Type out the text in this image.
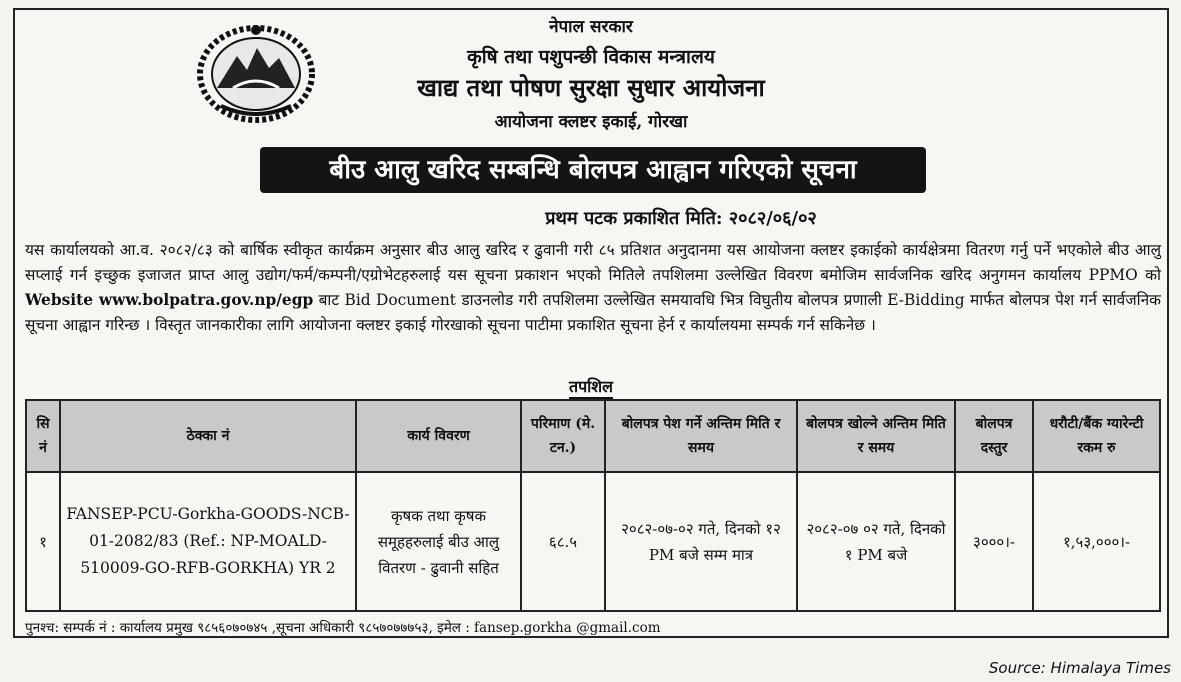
नेपाल सरकार
कृषि तथा पशुपन्छी विकास मन्त्रालय
खाद्य तथा पोषण सुरक्षा सुधार आयोजना
आयोजना क्लष्टर इकाई, गोरखा
बीउ आलु खरिद सम्बन्धि बोलपत्र आह्वान गरिएको सूचना
प्रथम पटक प्रकाशित मिति: २०८२/०६/०२

यस कार्यालयको आ.व. २०८२/८३ को बार्षिक स्वीकृत कार्यक्रम अनुसार बीउ आलु खरिद र ढुवानी गरी ८५ प्रतिशत अनुदानमा यस आयोजना क्लष्टर इकाईको कार्यक्षेत्रमा वितरण गर्नु पर्ने भएकोले बीउ आलु सप्लाई गर्न इच्छुक इजाजत प्राप्त आलु उद्योग/फर्म/कम्पनी/एग्रोभेटहरुलाई यस सूचना प्रकाशन भएको मितिले तपशिलमा उल्लेखित विवरण बमोजिम सार्वजनिक खरिद अनुगमन कार्यालय PPMO को Website www.bolpatra.gov.np/egp बाट Bid Document डाउनलोड गरी तपशिलमा उल्लेखित समयावधि भित्र विघुतीय बोलपत्र प्रणाली E-Bidding मार्फत बोलपत्र पेश गर्न सार्वजनिक सूचना आह्वान गरिन्छ । विस्तृत जानकारीका लागि आयोजना क्लष्टर इकाई गोरखाको सूचना पाटीमा प्रकाशित सूचना हेर्न र कार्यालयमा सम्पर्क गर्न सकिनेछ ।

तपशिल
सि नं	ठेक्का नं	कार्य विवरण	परिमाण (मे. टन.)	बोलपत्र पेश गर्ने अन्तिम मिति र समय	बोलपत्र खोल्ने अन्तिम मिति र समय	बोलपत्र दस्तुर	धरौटी/बैंक ग्यारेन्टी रकम रु
१	FANSEP-PCU-Gorkha-GOODS-NCB-01-2082/83 (Ref.: NP-MOALD-510009-GO-RFB-GORKHA) YR 2	कृषक तथा कृषक समूहहरुलाई बीउ आलु वितरण - ढुवानी सहित	६८.५	२०८२-०७-०२ गते, दिनको १२ PM बजे सम्म मात्र	२०८२-०७ ०२ गते, दिनको १ PM बजे	३०००।-	१,५३,०००।-
पुनश्च: सम्पर्क नं : कार्यालय प्रमुख ९८५६०७०७४५ ,सूचना अधिकारी ९८५७०७७७५३, इमेल : fansep.gorkha @gmail.com
Source: Himalaya Times
